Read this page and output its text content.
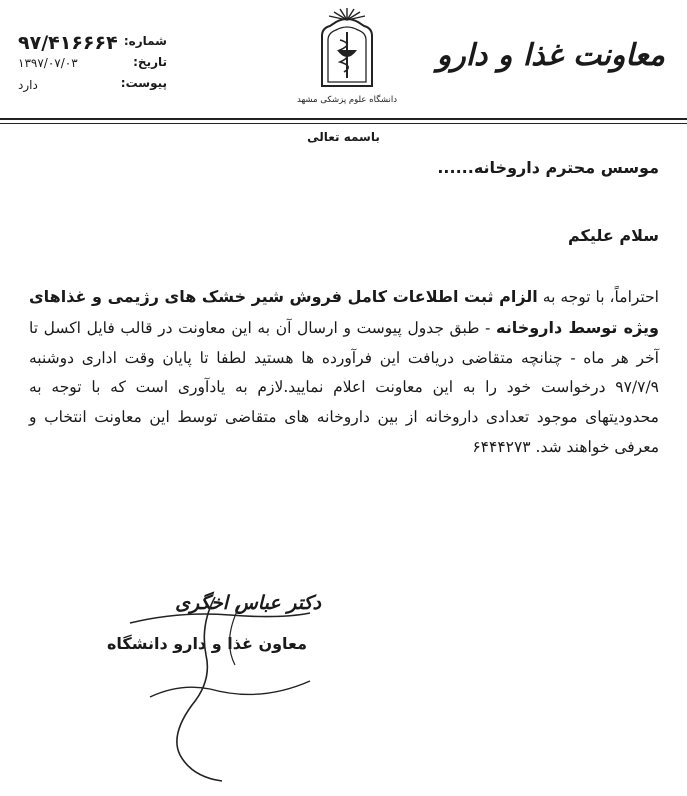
۹۷/۴۱۶۶۶۴
۱۳۹۷/۰۷/۰۳
دارد
شماره:
تاریخ:
پیوست:
دانشگاه علوم پزشکی مشهد
معاونت غذا و دارو
باسمه تعالی
موسس محترم داروخانه......
سلام علیکم
احتراماً، با توجه به الزام ثبت اطلاعات کامل فروش شیر خشک های رژیمی و غذاهای ویژه توسط داروخانه - طبق جدول پیوست و ارسال آن به این معاونت در قالب فایل اکسل تا آخر هر ماه - چنانچه متقاضی دریافت این فرآورده ها هستید لطفا تا پایان وقت اداری دوشنبه ۹۷/۷/۹ درخواست خود را به این معاونت اعلام نمایید.لازم به یادآوری است که با توجه به محدودیتهای موجود تعدادی داروخانه از بین داروخانه های متقاضی توسط این معاونت انتخاب و معرفی خواهند شد. ۶۴۴۴۲۷۳
دکتر عباس اخگری
معاون غذا و دارو دانشگاه
